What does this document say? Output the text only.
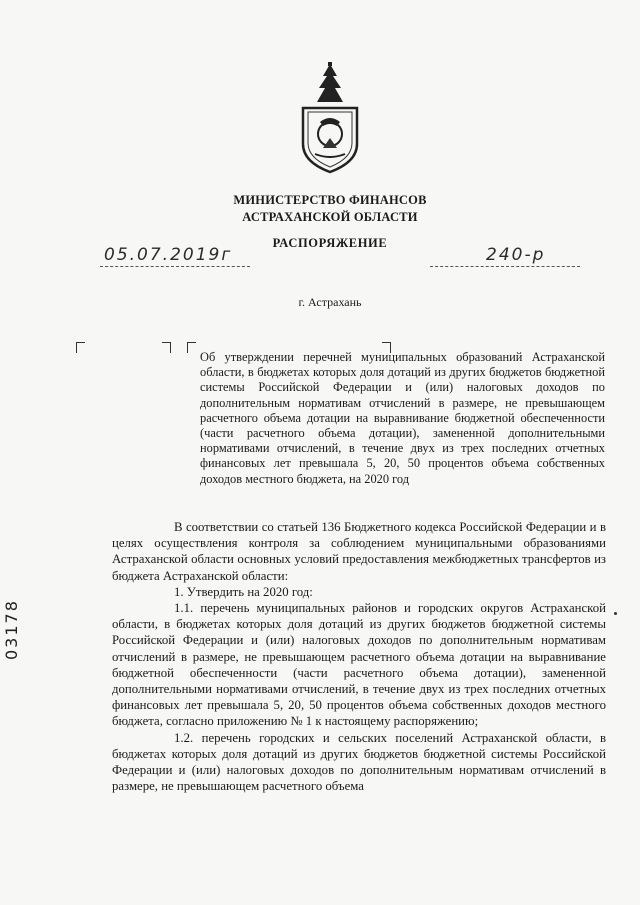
МИНИСТЕРСТВО ФИНАНСОВ
АСТРАХАНСКОЙ ОБЛАСТИ
РАСПОРЯЖЕНИЕ
05.07.2019г	240-р
г. Астрахань
Об утверждении перечней муниципальных образований Астраханской области, в бюджетах которых доля дотаций из других бюджетов бюджетной системы Российской Федерации и (или) налоговых доходов по дополнительным нормативам отчислений в размере, не превышающем расчетного объема дотации на выравнивание бюджетной обеспеченности (части расчетного объема дотации), замененной дополнительными нормативами отчислений, в течение двух из трех последних отчетных финансовых лет превышала 5, 20, 50 процентов объема собственных доходов местного бюджета, на 2020 год

В соответствии со статьей 136 Бюджетного кодекса Российской Федерации и в целях осуществления контроля за соблюдением муниципальными образованиями Астраханской области основных условий предоставления межбюджетных трансфертов из бюджета Астраханской области:

1. Утвердить на 2020 год:

1.1. перечень муниципальных районов и городских округов Астраханской области, в бюджетах которых доля дотаций из других бюджетов бюджетной системы Российской Федерации и (или) налоговых доходов по дополнительным нормативам отчислений в размере, не превышающем расчетного объема дотации на выравнивание бюджетной обеспеченности (части расчетного объема дотации), замененной дополнительными нормативами отчислений, в течение двух из трех последних отчетных финансовых лет превышала 5, 20, 50 процентов объема собственных доходов местного бюджета, согласно приложению № 1 к настоящему распоряжению;

1.2. перечень городских и сельских поселений Астраханской области, в бюджетах которых доля дотаций из других бюджетов бюджетной системы Российской Федерации и (или) налоговых доходов по дополнительным нормативам отчислений в размере, не превышающем расчетного объема

03178
